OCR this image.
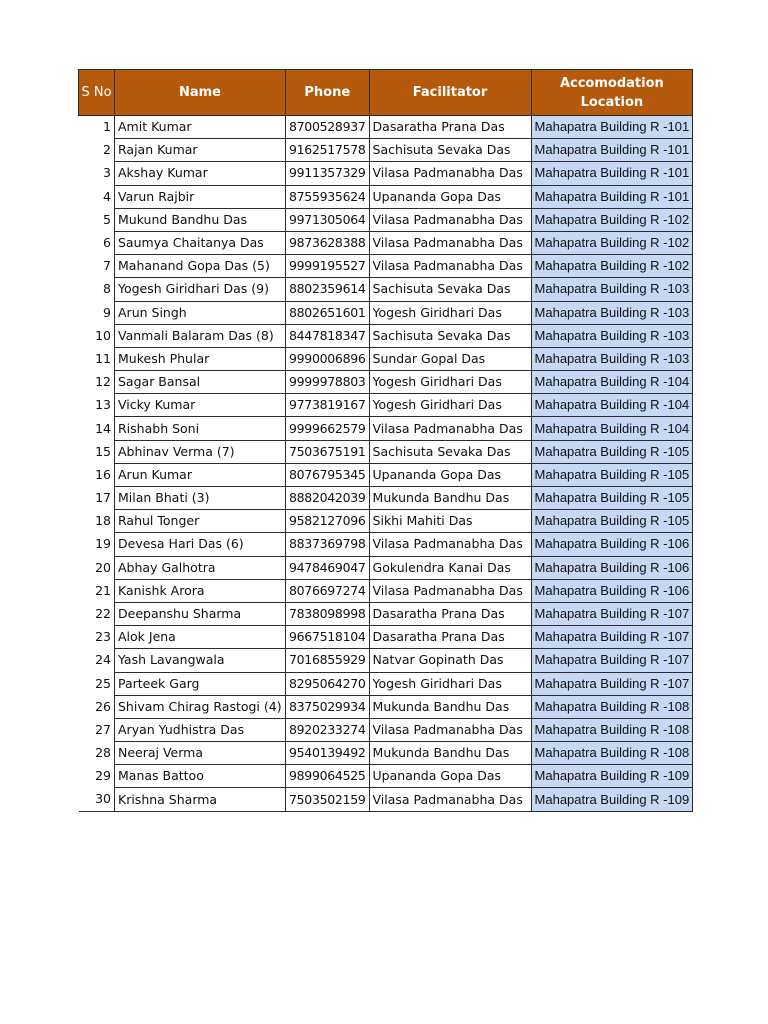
S No	Name	Phone	Facilitator	Accomodation Location
1	Amit Kumar	8700528937	Dasaratha Prana Das	Mahapatra Building R -101
2	Rajan Kumar	9162517578	Sachisuta Sevaka Das	Mahapatra Building R -101
3	Akshay Kumar	9911357329	Vilasa Padmanabha Das	Mahapatra Building R -101
4	Varun Rajbir	8755935624	Upananda Gopa Das	Mahapatra Building R -101
5	Mukund Bandhu Das	9971305064	Vilasa Padmanabha Das	Mahapatra Building R -102
6	Saumya Chaitanya Das	9873628388	Vilasa Padmanabha Das	Mahapatra Building R -102
7	Mahanand Gopa Das (5)	9999195527	Vilasa Padmanabha Das	Mahapatra Building R -102
8	Yogesh Giridhari Das (9)	8802359614	Sachisuta Sevaka Das	Mahapatra Building R -103
9	Arun Singh	8802651601	Yogesh Giridhari Das	Mahapatra Building R -103
10	Vanmali Balaram Das (8)	8447818347	Sachisuta Sevaka Das	Mahapatra Building R -103
11	Mukesh Phular	9990006896	Sundar Gopal Das	Mahapatra Building R -103
12	Sagar Bansal	9999978803	Yogesh Giridhari Das	Mahapatra Building R -104
13	Vicky Kumar	9773819167	Yogesh Giridhari Das	Mahapatra Building R -104
14	Rishabh Soni	9999662579	Vilasa Padmanabha Das	Mahapatra Building R -104
15	Abhinav Verma (7)	7503675191	Sachisuta Sevaka Das	Mahapatra Building R -105
16	Arun Kumar	8076795345	Upananda Gopa Das	Mahapatra Building R -105
17	Milan Bhati (3)	8882042039	Mukunda Bandhu Das	Mahapatra Building R -105
18	Rahul Tonger	9582127096	Sikhi Mahiti Das	Mahapatra Building R -105
19	Devesa Hari Das (6)	8837369798	Vilasa Padmanabha Das	Mahapatra Building R -106
20	Abhay Galhotra	9478469047	Gokulendra Kanai Das	Mahapatra Building R -106
21	Kanishk Arora	8076697274	Vilasa Padmanabha Das	Mahapatra Building R -106
22	Deepanshu Sharma	7838098998	Dasaratha Prana Das	Mahapatra Building R -107
23	Alok Jena	9667518104	Dasaratha Prana Das	Mahapatra Building R -107
24	Yash Lavangwala	7016855929	Natvar Gopinath Das	Mahapatra Building R -107
25	Parteek Garg	8295064270	Yogesh Giridhari Das	Mahapatra Building R -107
26	Shivam Chirag Rastogi (4)	8375029934	Mukunda Bandhu Das	Mahapatra Building R -108
27	Aryan Yudhistra Das	8920233274	Vilasa Padmanabha Das	Mahapatra Building R -108
28	Neeraj Verma	9540139492	Mukunda Bandhu Das	Mahapatra Building R -108
29	Manas Battoo	9899064525	Upananda Gopa Das	Mahapatra Building R -109
30	Krishna Sharma	7503502159	Vilasa Padmanabha Das	Mahapatra Building R -109
